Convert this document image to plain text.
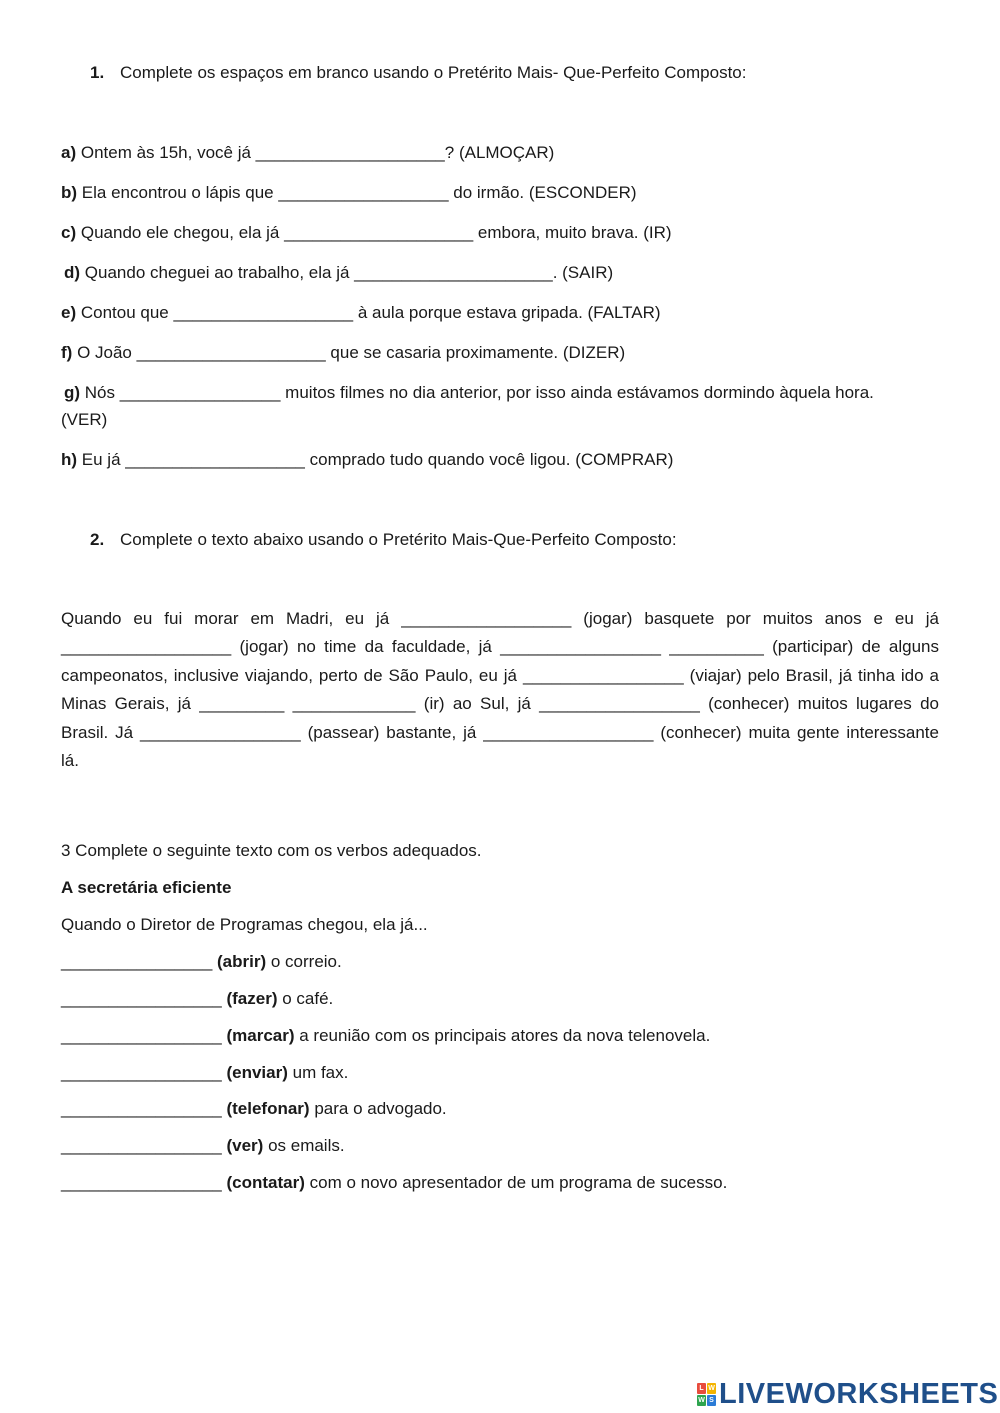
1. Complete os espaços em branco usando o Pretérito Mais- Que-Perfeito Composto:
a) Ontem às 15h, você já ____________________? (ALMOÇAR)
b) Ela encontrou o lápis que __________________ do irmão. (ESCONDER)
c) Quando ele chegou, ela já ____________________ embora, muito brava. (IR)
d) Quando cheguei ao trabalho, ela já _____________________. (SAIR)
e) Contou que ___________________ à aula porque estava gripada. (FALTAR)
f) O João ____________________ que se casaria proximamente. (DIZER)
g) Nós _________________ muitos filmes no dia anterior, por isso ainda estávamos dormindo àquela hora.
(VER)
h) Eu já ___________________ comprado tudo quando você ligou. (COMPRAR)
2. Complete o texto abaixo usando o Pretérito Mais-Que-Perfeito Composto:
Quando eu fui morar em Madri, eu já __________________ (jogar) basquete por muitos anos e eu já __________________ (jogar) no time da faculdade, já _________________ __________ (participar) de alguns campeonatos, inclusive viajando, perto de São Paulo, eu já _________________ (viajar) pelo Brasil, já tinha ido a Minas Gerais, já _________ _____________ (ir) ao Sul, já _________________ (conhecer) muitos lugares do Brasil. Já _________________ (passear) bastante, já __________________ (conhecer) muita gente interessante lá.
3 Complete o seguinte texto com os verbos adequados.
A secretária eficiente
Quando o Diretor de Programas chegou, ela já...
________________ (abrir) o correio.
_________________ (fazer) o café.
_________________ (marcar) a reunião com os principais atores da nova telenovela.
_________________ (enviar) um fax.
_________________ (telefonar) para o advogado.
_________________ (ver) os emails.
_________________ (contatar) com o novo apresentador de um programa de sucesso.
L W
W S LIVEWORKSHEETS
